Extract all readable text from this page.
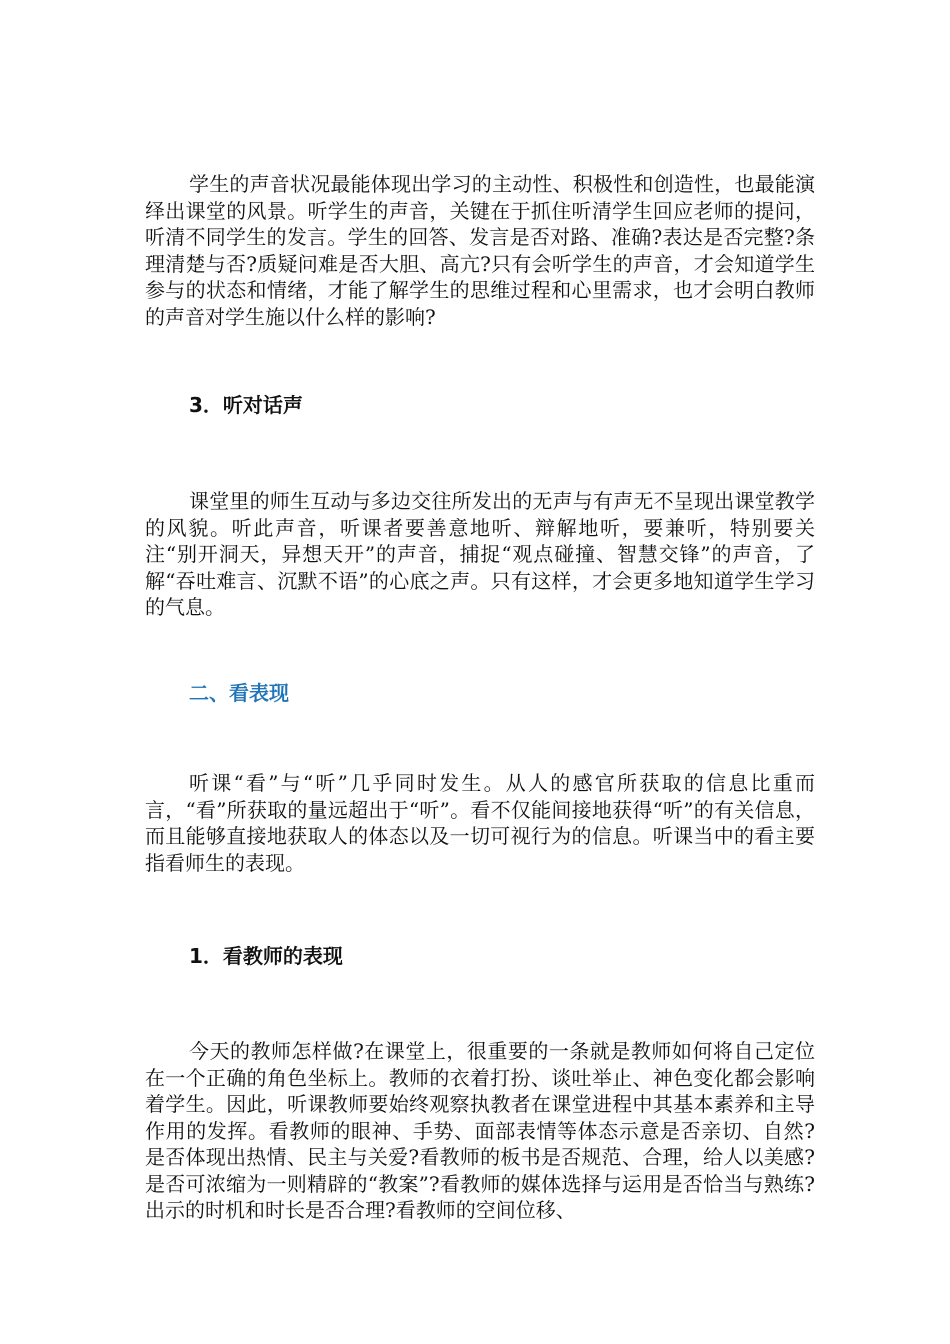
学生的声音状况最能体现出学习的主动性、积极性和创造性，也最能演绎出课堂的风景。听学生的声音，关键在于抓住听清学生回应老师的提问，听清不同学生的发言。学生的回答、发言是否对路、准确?表达是否完整?条理清楚与否?质疑问难是否大胆、高亢?只有会听学生的声音，才会知道学生参与的状态和情绪，才能了解学生的思维过程和心里需求，也才会明白教师的声音对学生施以什么样的影响?

3．听对话声

课堂里的师生互动与多边交往所发出的无声与有声无不呈现出课堂教学的风貌。听此声音，听课者要善意地听、辩解地听，要兼听，特别要关注“别开洞天，异想天开”的声音，捕捉“观点碰撞、智慧交锋”的声音，了解“吞吐难言、沉默不语”的心底之声。只有这样，才会更多地知道学生学习的气息。

二、看表现

听课“看”与“听”几乎同时发生。从人的感官所获取的信息比重而言，“看”所获取的量远超出于“听”。看不仅能间接地获得“听”的有关信息，而且能够直接地获取人的体态以及一切可视行为的信息。听课当中的看主要指看师生的表现。

1．看教师的表现

今天的教师怎样做?在课堂上，很重要的一条就是教师如何将自己定位在一个正确的角色坐标上。教师的衣着打扮、谈吐举止、神色变化都会影响着学生。因此，听课教师要始终观察执教者在课堂进程中其基本素养和主导作用的发挥。看教师的眼神、手势、面部表情等体态示意是否亲切、自然?是否体现出热情、民主与关爱?看教师的板书是否规范、合理，给人以美感?是否可浓缩为一则精辟的“教案”?看教师的媒体选择与运用是否恰当与熟练?出示的时机和时长是否合理?看教师的空间位移、
